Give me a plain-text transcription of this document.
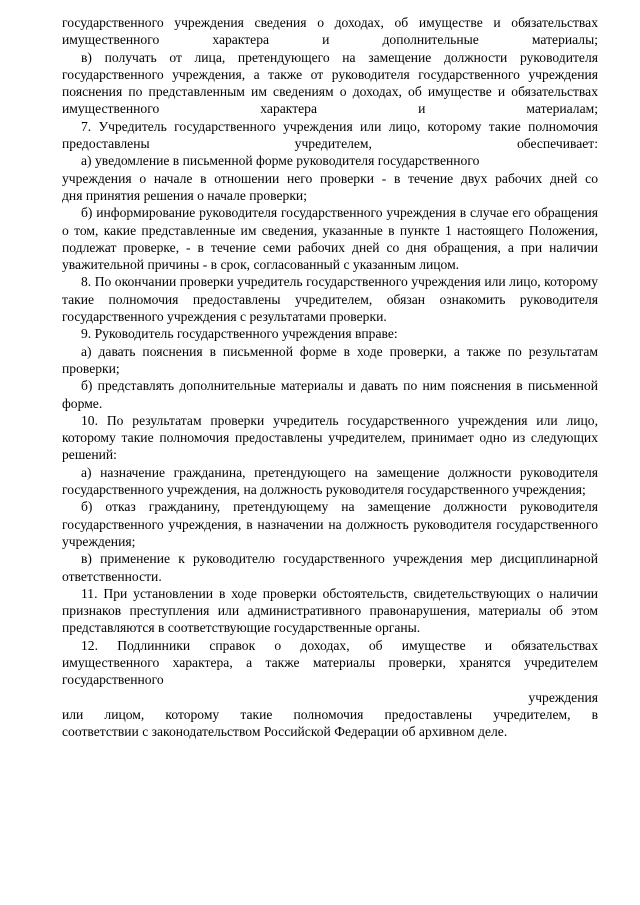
государственного учреждения сведения о доходах, об имуществе и обязательствах имущественного характера и дополнительные материалы;

в) получать от лица, претендующего на замещение должности руководителя государственного учреждения, а также от руководителя государственного учреждения пояснения по представленным им сведениям о доходах, об имуществе и обязательствах имущественного характера и материалам;

7. Учредитель государственного учреждения или лицо, которому такие полномочия предоставлены учредителем, обеспечивает:

а) уведомление в письменной форме руководителя государственного
учреждения о начале в отношении него проверки - в течение двух рабочих дней со
дня принятия решения о начале проверки;

б) информирование руководителя государственного учреждения в случае его обращения о том, какие представленные им сведения, указанные в пункте 1 настоящего Положения, подлежат проверке, - в течение семи рабочих дней со дня обращения, а при наличии уважительной причины - в срок, согласованный с указанным лицом.

8. По окончании проверки учредитель государственного учреждения или лицо, которому такие полномочия предоставлены учредителем, обязан ознакомить руководителя государственного учреждения с результатами проверки.

9. Руководитель государственного учреждения вправе:

а) давать пояснения в письменной форме в ходе проверки, а также по результатам проверки;

б) представлять дополнительные материалы и давать по ним пояснения в письменной форме.

10. По результатам проверки учредитель государственного учреждения или лицо, которому такие полномочия предоставлены учредителем, принимает одно из следующих решений:

а) назначение гражданина, претендующего на замещение должности руководителя государственного учреждения, на должность руководителя государственного учреждения;

б) отказ гражданину, претендующему на замещение должности руководителя государственного учреждения, в назначении на должность руководителя государственного учреждения;

в) применение к руководителю государственного учреждения мер дисциплинарной ответственности.

11. При установлении в ходе проверки обстоятельств, свидетельствующих о наличии признаков преступления или административного правонарушения, материалы об этом представляются в соответствующие государственные органы.

12. Подлинники справок о доходах, об имуществе и обязательствах
имущественного характера, а также материалы проверки, хранятся учредителем
государственного
учреждения
или лицом, которому такие полномочия предоставлены учредителем, в
соответствии с законодательством Российской Федерации об архивном деле.
